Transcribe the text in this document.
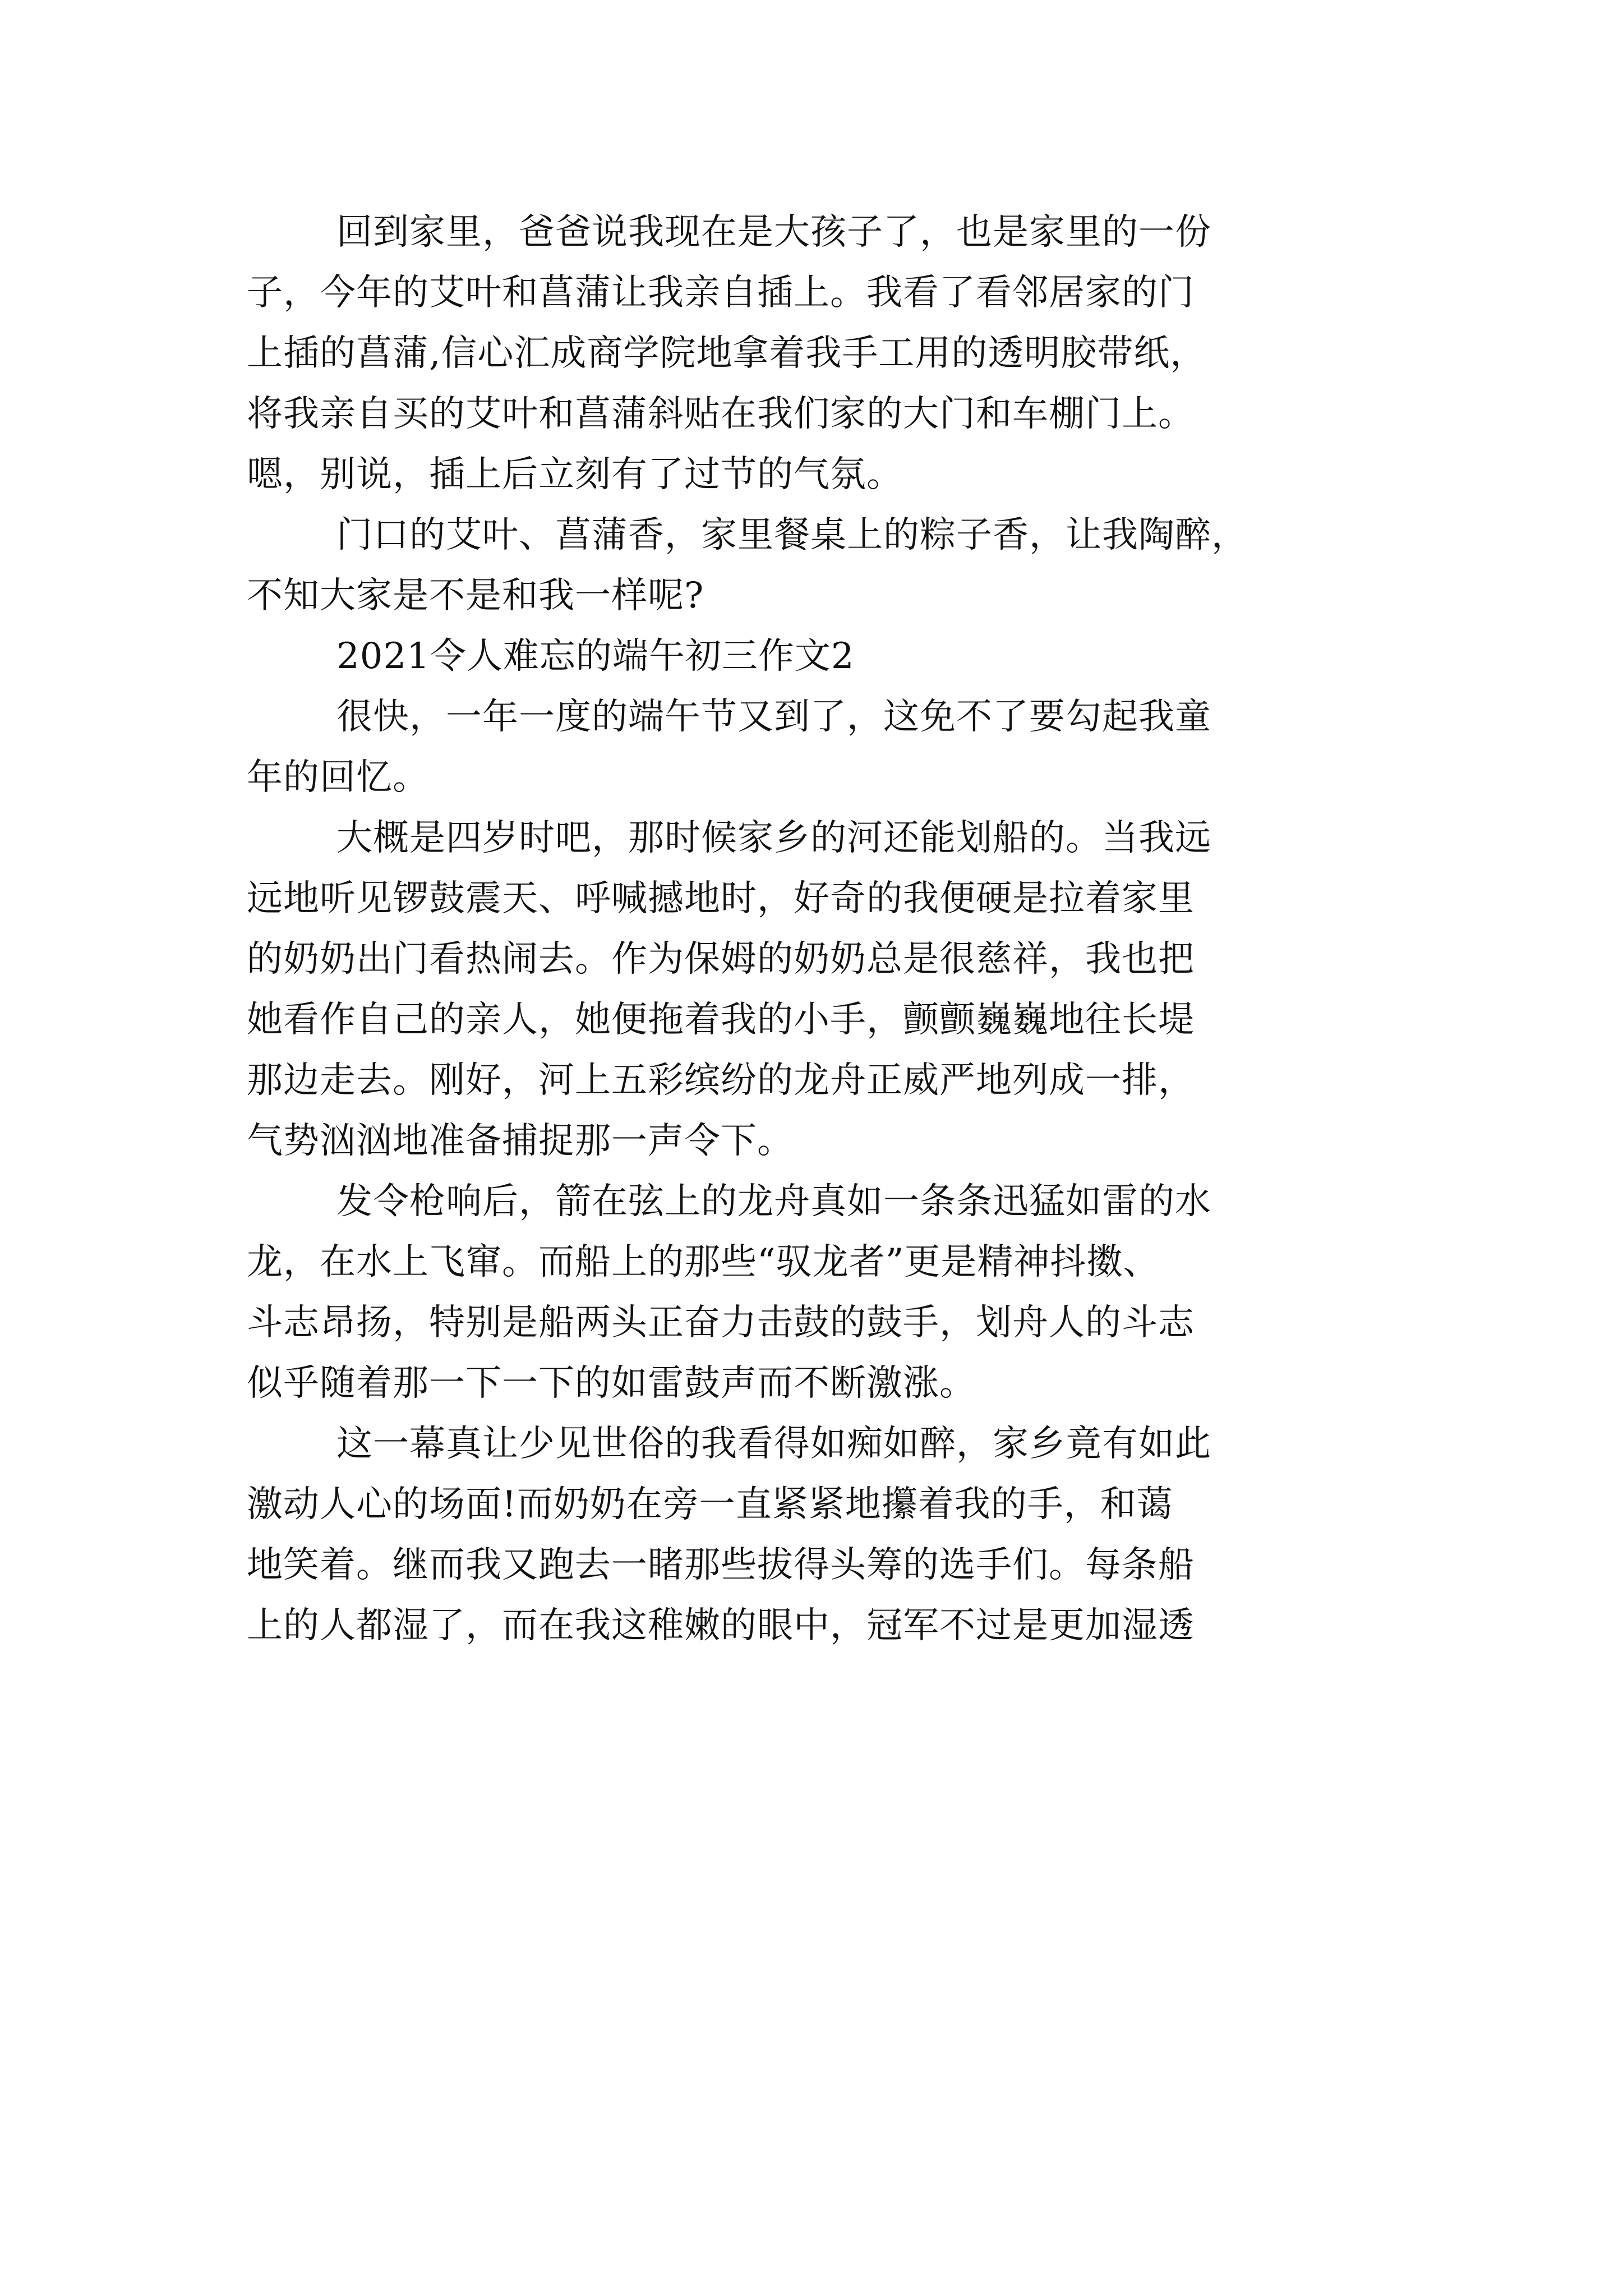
回到家里，爸爸说我现在是大孩子了，也是家里的一份
子，今年的艾叶和菖蒲让我亲自插上。我看了看邻居家的门
上插的菖蒲,信心汇成商学院地拿着我手工用的透明胶带纸，
将我亲自买的艾叶和菖蒲斜贴在我们家的大门和车棚门上。
嗯，别说，插上后立刻有了过节的气氛。
门口的艾叶、菖蒲香，家里餐桌上的粽子香，让我陶醉，
不知大家是不是和我一样呢?
2021令人难忘的端午初三作文2
很快，一年一度的端午节又到了，这免不了要勾起我童
年的回忆。
大概是四岁时吧，那时候家乡的河还能划船的。当我远
远地听见锣鼓震天、呼喊撼地时，好奇的我便硬是拉着家里
的奶奶出门看热闹去。作为保姆的奶奶总是很慈祥，我也把
她看作自己的亲人，她便拖着我的小手，颤颤巍巍地往长堤
那边走去。刚好，河上五彩缤纷的龙舟正威严地列成一排，
气势汹汹地准备捕捉那一声令下。
发令枪响后，箭在弦上的龙舟真如一条条迅猛如雷的水
龙，在水上飞窜。而船上的那些“驭龙者”更是精神抖擞、
斗志昂扬，特别是船两头正奋力击鼓的鼓手，划舟人的斗志
似乎随着那一下一下的如雷鼓声而不断激涨。
这一幕真让少见世俗的我看得如痴如醉，家乡竟有如此
激动人心的场面!而奶奶在旁一直紧紧地攥着我的手，和蔼
地笑着。继而我又跑去一睹那些拔得头筹的选手们。每条船
上的人都湿了，而在我这稚嫩的眼中，冠军不过是更加湿透
